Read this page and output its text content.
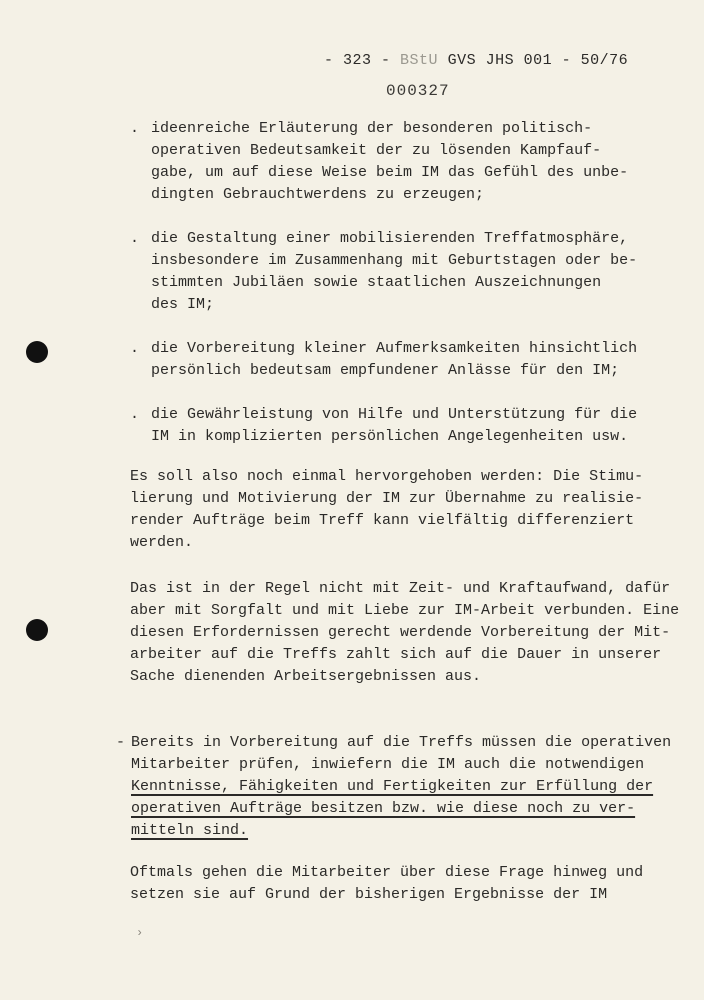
- 323 - BStU GVS JHS 001 - 50/76
000327
. ideenreiche Erläuterung der besonderen politisch-
operativen Bedeutsamkeit der zu lösenden Kampfauf-
gabe, um auf diese Weise beim IM das Gefühl des unbe-
dingten Gebrauchtwerdens zu erzeugen;
. die Gestaltung einer mobilisierenden Treffatmosphäre,
insbesondere im Zusammenhang mit Geburtstagen oder be-
stimmten Jubiläen sowie staatlichen Auszeichnungen
des IM;
. die Vorbereitung kleiner Aufmerksamkeiten hinsichtlich
persönlich bedeutsam empfundener Anlässe für den IM;
. die Gewährleistung von Hilfe und Unterstützung für die
IM in komplizierten persönlichen Angelegenheiten usw.
Es soll also noch einmal hervorgehoben werden: Die Stimu-
lierung und Motivierung der IM zur Übernahme zu realisie-
render Aufträge beim Treff kann vielfältig differenziert
werden.
Das ist in der Regel nicht mit Zeit- und Kraftaufwand, dafür
aber mit Sorgfalt und mit Liebe zur IM-Arbeit verbunden. Eine
diesen Erfordernissen gerecht werdende Vorbereitung der Mit-
arbeiter auf die Treffs zahlt sich auf die Dauer in unserer
Sache dienenden Arbeitsergebnissen aus.
- Bereits in Vorbereitung auf die Treffs müssen die operativen
Mitarbeiter prüfen, inwiefern die IM auch die notwendigen
Kenntnisse, Fähigkeiten und Fertigkeiten zur Erfüllung der
operativen Aufträge besitzen bzw. wie diese noch zu ver-
mitteln sind.
Oftmals gehen die Mitarbeiter über diese Frage hinweg und
setzen sie auf Grund der bisherigen Ergebnisse der IM
›
